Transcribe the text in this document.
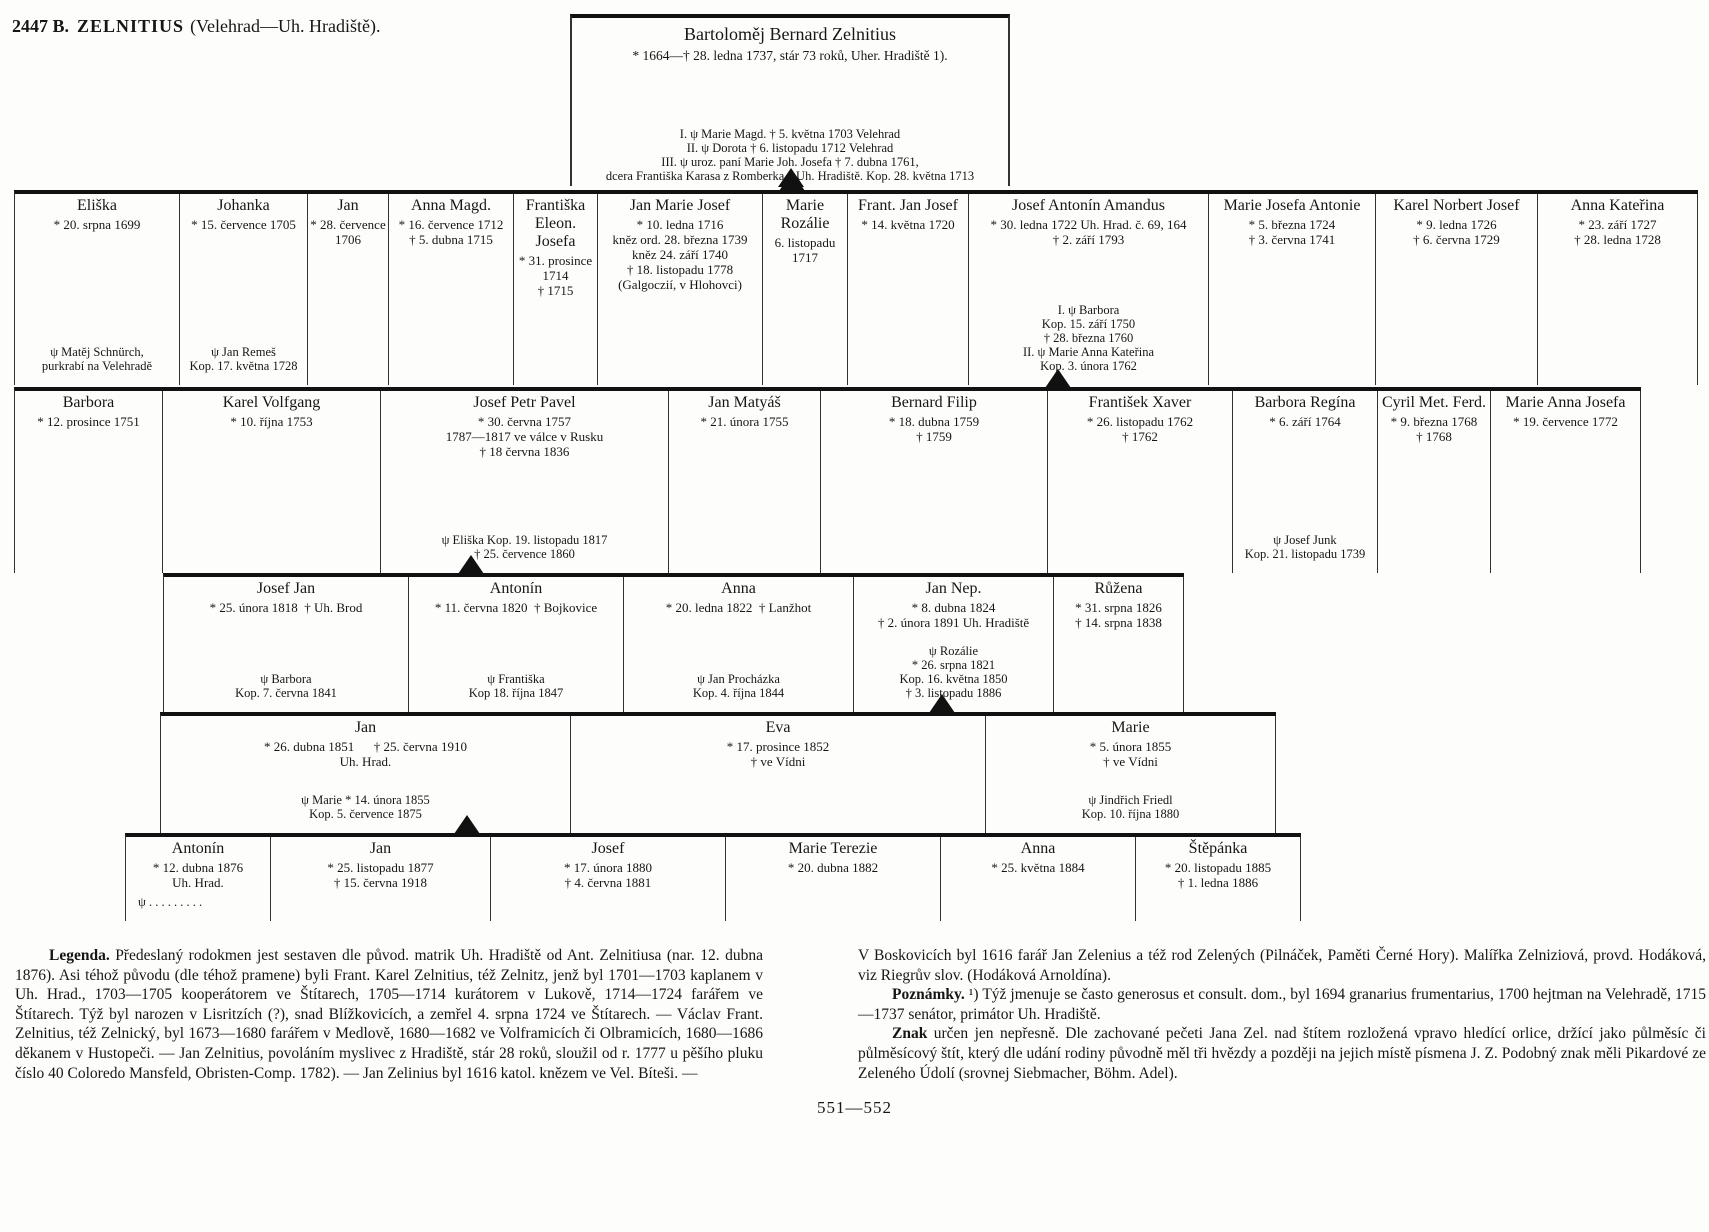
2447 B. ZELNITIUS (Velehrad—Uh. Hradiště).	Bartoloměj Bernard Zelnitius
* 1664—† 28. ledna 1737, stár 73 roků, Uher. Hradiště 1).
I. ψ Marie Magd. † 5. května 1703 Velehrad
II. ψ Dorota † 6. listopadu 1712 Velehrad
III. ψ uroz. paní Marie Joh. Josefa † 7. dubna 1761,
dcera Františka Karasa z Romberka z Uh. Hradiště. Kop. 28. května 1713
Eliška
* 20. srpna 1699
ψ Matěj Schnürch,
purkrabí na Velehradě
Johanka
* 15. července 1705
ψ Jan Remeš
Kop. 17. května 1728
Jan
* 28. července
1706
Anna Magd.
* 16. července 1712
† 5. dubna 1715
Františka Eleon. Josefa
* 31. prosince
1714
† 1715
Jan Marie Josef
* 10. ledna 1716
kněz ord. 28. března 1739
kněz 24. září 1740
† 18. listopadu 1778
(Galgoczií, v Hlohovci)
Marie Rozálie
6. listopadu
1717
Frant. Jan Josef
* 14. května 1720
Josef Antonín Amandus
* 30. ledna 1722 Uh. Hrad. č. 69, 164
† 2. září 1793
I. ψ Barbora
Kop. 15. září 1750
† 28. března 1760
II. ψ Marie Anna Kateřina
Kop. 3. února 1762
Marie Josefa Antonie
* 5. března 1724
† 3. června 1741
Karel Norbert Josef
* 9. ledna 1726
† 6. června 1729
Anna Kateřina
* 23. září 1727
† 28. ledna 1728
Barbora
* 12. prosince 1751
Karel Volfgang
* 10. října 1753
Josef Petr Pavel
* 30. června 1757
1787—1817 ve válce v Rusku
† 18 června 1836
ψ Eliška Kop. 19. listopadu 1817
† 25. července 1860
Jan Matyáš
* 21. února 1755
Bernard Filip
* 18. dubna 1759
† 1759
František Xaver
* 26. listopadu 1762
† 1762
Barbora Regína
* 6. září 1764
ψ Josef Junk
Kop. 21. listopadu 1739
Cyril Met. Ferd.
* 9. března 1768
† 1768
Marie Anna Josefa
* 19. července 1772
Josef Jan
* 25. února 1818  † Uh. Brod
ψ Barbora
Kop. 7. června 1841
Antonín
* 11. června 1820  † Bojkovice
ψ Františka
Kop 18. října 1847
Anna
* 20. ledna 1822  † Lanžhot
ψ Jan Procházka
Kop. 4. října 1844
Jan Nep.
* 8. dubna 1824
† 2. února 1891 Uh. Hradiště
ψ Rozálie
* 26. srpna 1821
Kop. 16. května 1850
† 3. listopadu 1886
Růžena
* 31. srpna 1826
† 14. srpna 1838
Jan
* 26. dubna 1851      † 25. června 1910
Uh. Hrad.
ψ Marie * 14. února 1855
Kop. 5. července 1875
Eva
* 17. prosince 1852
† ve Vídni
Marie
* 5. února 1855
† ve Vídni
ψ Jindřich Friedl
Kop. 10. října 1880
Antonín
* 12. dubna 1876
Uh. Hrad.
ψ . . . . . . . . .
Jan
* 25. listopadu 1877
† 15. června 1918
Josef
* 17. února 1880
† 4. června 1881
Marie Terezie
* 20. dubna 1882
Anna
* 25. května 1884
Štěpánka
* 20. listopadu 1885
† 1. ledna 1886

Legenda. Předeslaný rodokmen jest sestaven dle původ. matrik Uh. Hradiště od Ant. Zelnitiusa (nar. 12. dubna 1876). Asi téhož původu (dle téhož pramene) byli Frant. Karel Zelnitius, též Zelnitz, jenž byl 1701—1703 kaplanem v Uh. Hrad., 1703—1705 kooperátorem ve Štítarech, 1705—1714 kurátorem v Lukově, 1714—1724 farářem ve Štítarech. Týž byl narozen v Lisritzích (?), snad Blížkovicích, a zemřel 4. srpna 1724 ve Štítarech. — Václav Frant. Zelnitius, též Zelnický, byl 1673—1680 farářem v Medlově, 1680—1682 ve Volframicích či Olbramicích, 1680—1686 děkanem v Hustopeči. — Jan Zelnitius, povoláním myslivec z Hradiště, stár 28 roků, sloužil od r. 1777 u pěšího pluku číslo 40 Coloredo Mansfeld, Obristen-Comp. 1782). — Jan Zelinius byl 1616 katol. knězem ve Vel. Bíteši. —

V Boskovicích byl 1616 farář Jan Zelenius a též rod Zelených (Pilnáček, Paměti Černé Hory). Malířka Zelniziová, provd. Hodáková, viz Riegrův slov. (Hodáková Arnoldína).

Poznámky. ¹) Týž jmenuje se často generosus et consult. dom., byl 1694 granarius frumentarius, 1700 hejtman na Velehradě, 1715—1737 senátor, primátor Uh. Hradiště.

Znak určen jen nepřesně. Dle zachované pečeti Jana Zel. nad štítem rozložená vpravo hledící orlice, držící jako půlměsíc či půlměsícový štít, který dle udání rodiny původně měl tři hvězdy a později na jejich místě písmena J. Z. Podobný znak měli Pikardové ze Zeleného Údolí (srovnej Siebmacher, Böhm. Adel).

551—552
